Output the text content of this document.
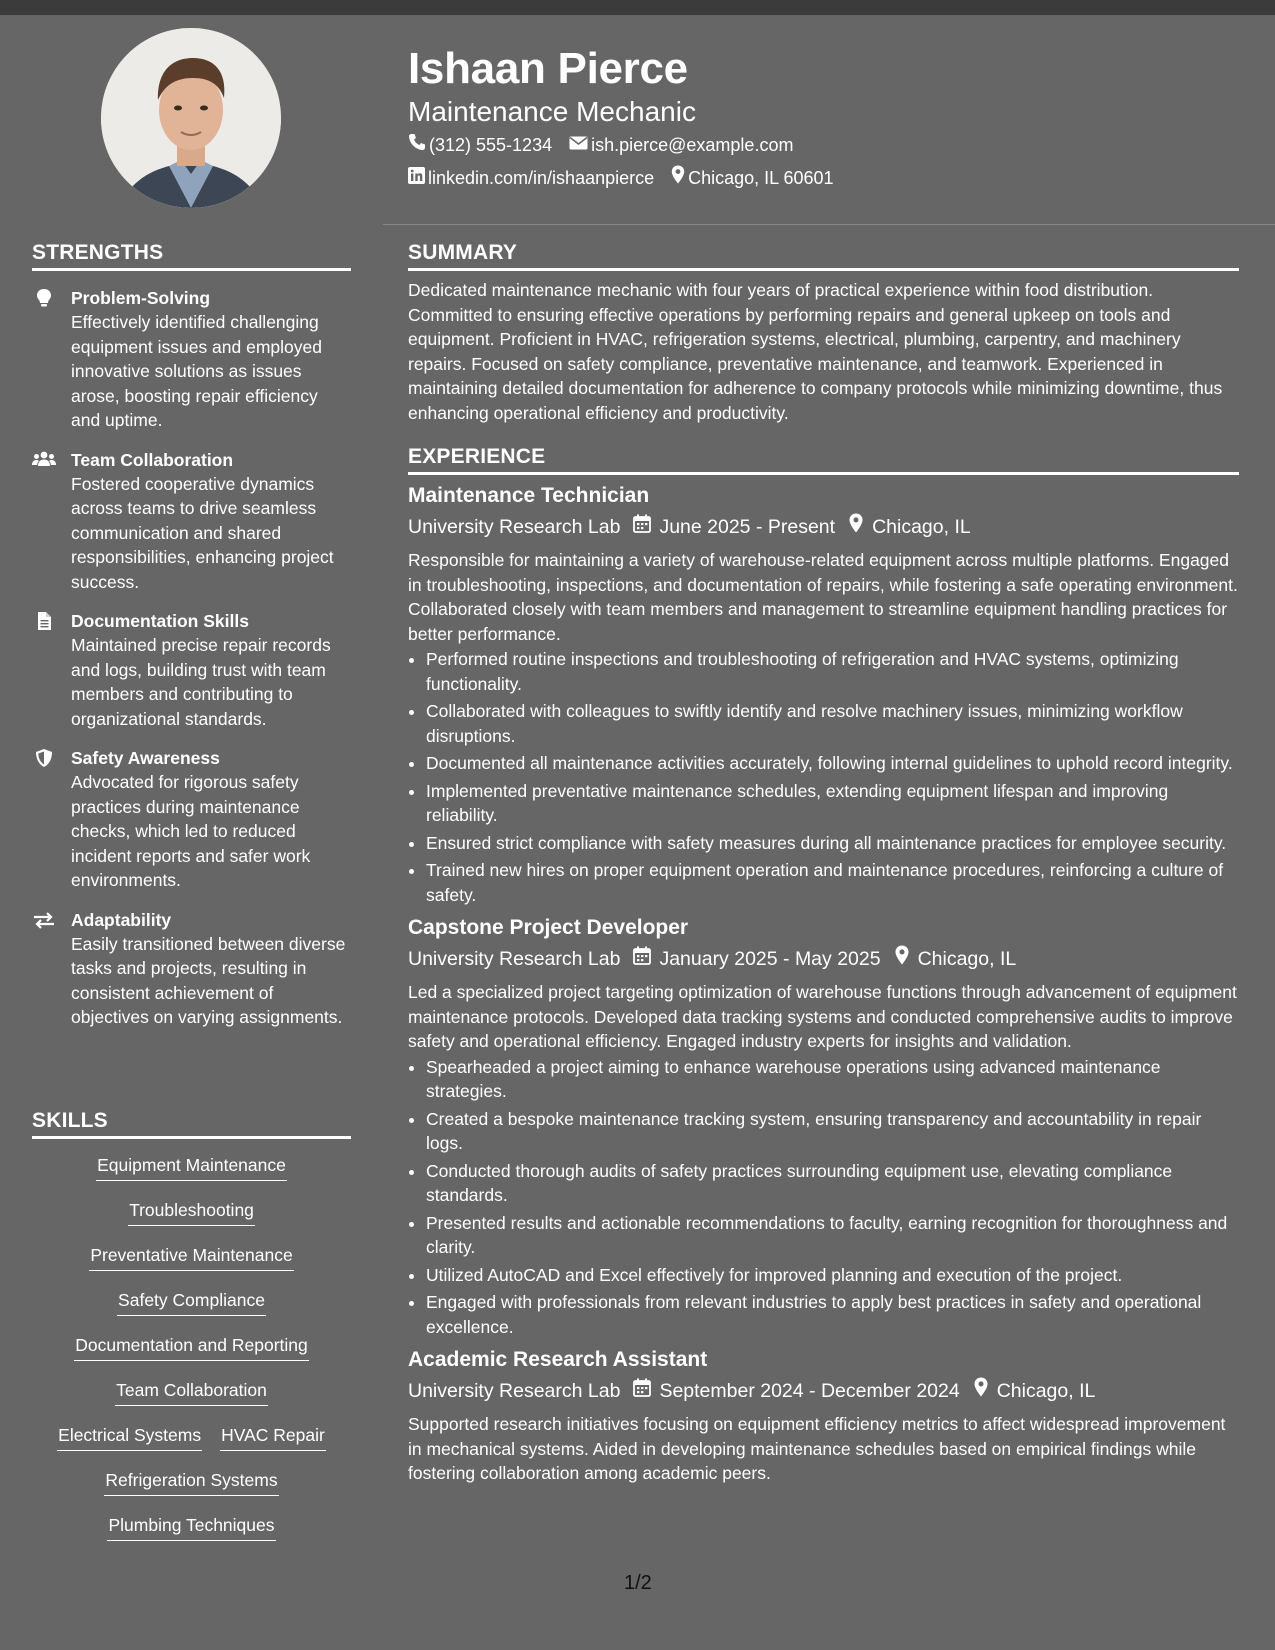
STRENGTHS
Problem-Solving
Effectively identified challenging equipment issues and employed innovative solutions as issues arose, boosting repair efficiency and uptime.
Team Collaboration
Fostered cooperative dynamics across teams to drive seamless communication and shared responsibilities, enhancing project success.
Documentation Skills
Maintained precise repair records and logs, building trust with team members and contributing to organizational standards.
Safety Awareness
Advocated for rigorous safety practices during maintenance checks, which led to reduced incident reports and safer work environments.
Adaptability
Easily transitioned between diverse tasks and projects, resulting in consistent achievement of objectives on varying assignments.
SKILLS
Equipment Maintenance
Troubleshooting
Preventative Maintenance
Safety Compliance
Documentation and Reporting
Team Collaboration
Electrical Systems HVAC Repair
Refrigeration Systems
Plumbing Techniques
Ishaan Pierce
Maintenance Mechanic
(312) 555-1234 ish.pierce@example.com
linkedin.com/in/ishaanpierce Chicago, IL 60601
SUMMARY
Dedicated maintenance mechanic with four years of practical experience within food distribution. Committed to ensuring effective operations by performing repairs and general upkeep on tools and equipment. Proficient in HVAC, refrigeration systems, electrical, plumbing, carpentry, and machinery repairs. Focused on safety compliance, preventative maintenance, and teamwork. Experienced in maintaining detailed documentation for adherence to company protocols while minimizing downtime, thus enhancing operational efficiency and productivity.
EXPERIENCE
Maintenance Technician
University Research Lab June 2025 - Present Chicago, IL
Responsible for maintaining a variety of warehouse-related equipment across multiple platforms. Engaged in troubleshooting, inspections, and documentation of repairs, while fostering a safe operating environment. Collaborated closely with team members and management to streamline equipment handling practices for better performance.
• Performed routine inspections and troubleshooting of refrigeration and HVAC systems, optimizing functionality.
• Collaborated with colleagues to swiftly identify and resolve machinery issues, minimizing workflow disruptions.
• Documented all maintenance activities accurately, following internal guidelines to uphold record integrity.
• Implemented preventative maintenance schedules, extending equipment lifespan and improving reliability.
• Ensured strict compliance with safety measures during all maintenance practices for employee security.
• Trained new hires on proper equipment operation and maintenance procedures, reinforcing a culture of safety.
Capstone Project Developer
University Research Lab January 2025 - May 2025 Chicago, IL
Led a specialized project targeting optimization of warehouse functions through advancement of equipment maintenance protocols. Developed data tracking systems and conducted comprehensive audits to improve safety and operational efficiency. Engaged industry experts for insights and validation.
• Spearheaded a project aiming to enhance warehouse operations using advanced maintenance strategies.
• Created a bespoke maintenance tracking system, ensuring transparency and accountability in repair logs.
• Conducted thorough audits of safety practices surrounding equipment use, elevating compliance standards.
• Presented results and actionable recommendations to faculty, earning recognition for thoroughness and clarity.
• Utilized AutoCAD and Excel effectively for improved planning and execution of the project.
• Engaged with professionals from relevant industries to apply best practices in safety and operational excellence.
Academic Research Assistant
University Research Lab September 2024 - December 2024 Chicago, IL
Supported research initiatives focusing on equipment efficiency metrics to affect widespread improvement in mechanical systems. Aided in developing maintenance schedules based on empirical findings while fostering collaboration among academic peers.
1/2
